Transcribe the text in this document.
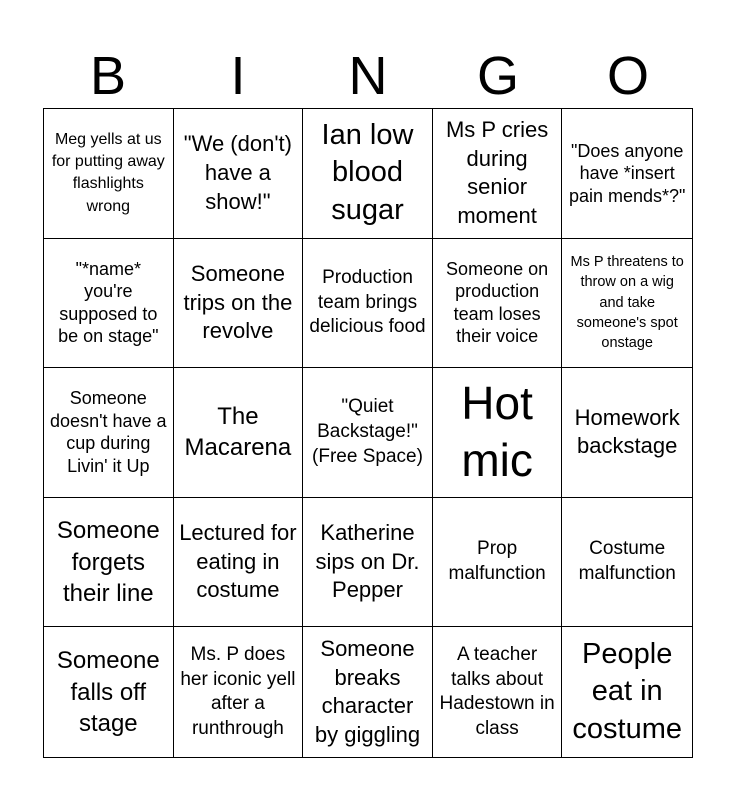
B	I	N	G	O
Meg yells at us for putting away flashlights wrong
"We (don't) have a show!"
Ian low blood sugar
Ms P cries during senior moment
"Does anyone have *insert pain mends*?"
"*name* you're supposed to be on stage"
Someone trips on the revolve
Production team brings delicious food
Someone on production team loses their voice
Ms P threatens to throw on a wig and take someone's spot onstage
Someone doesn't have a cup during Livin' it Up
The Macarena
"Quiet Backstage!" (Free Space)
Hot mic
Homework backstage
Someone forgets their line
Lectured for eating in costume
Katherine sips on Dr. Pepper
Prop malfunction
Costume malfunction
Someone falls off stage
Ms. P does her iconic yell after a runthrough
Someone breaks character by giggling
A teacher talks about Hadestown in class
People eat in costume
